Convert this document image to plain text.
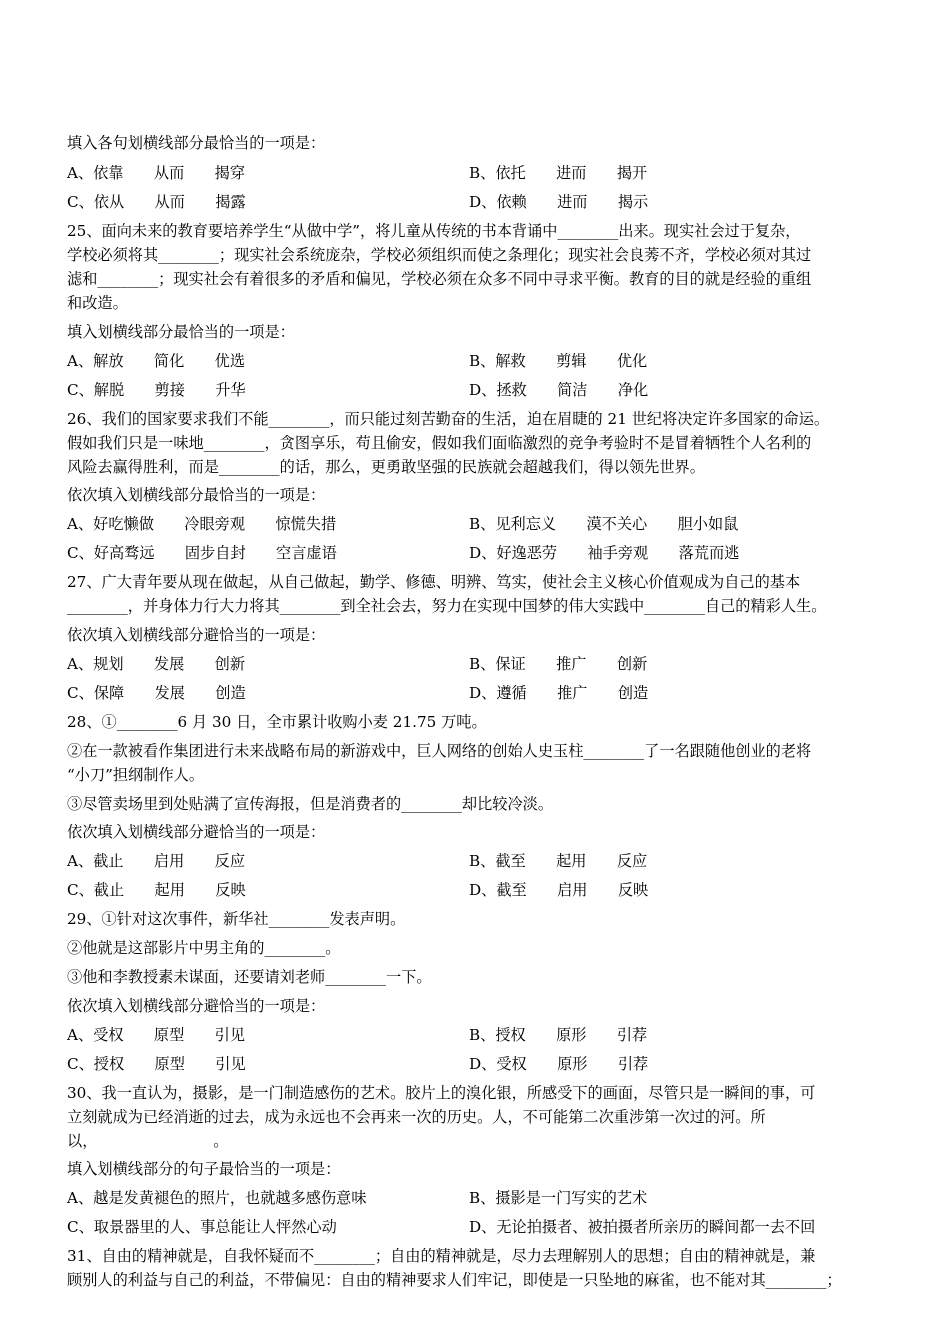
填入各句划横线部分最恰当的一项是：
A、依靠　　从而　　揭穿	B、依托　　进而　　揭开
C、依从　　从而　　揭露	D、依赖　　进而　　揭示
25、面向未来的教育要培养学生“从做中学”，将儿童从传统的书本背诵中________出来。现实社会过于复杂，
学校必须将其________；现实社会系统庞杂，学校必须组织而使之条理化；现实社会良莠不齐，学校必须对其过
滤和________；现实社会有着很多的矛盾和偏见，学校必须在众多不同中寻求平衡。教育的目的就是经验的重组
和改造。
填入划横线部分最恰当的一项是：
A、解放　　简化　　优选	B、解救　　剪辑　　优化
C、解脱　　剪接　　升华	D、拯救　　简洁　　净化
26、我们的国家要求我们不能________，而只能过刻苦勤奋的生活，迫在眉睫的 21 世纪将决定许多国家的命运。
假如我们只是一味地________，贪图享乐，苟且偷安，假如我们面临激烈的竞争考验时不是冒着牺牲个人名利的
风险去赢得胜利，而是________的话，那么，更勇敢坚强的民族就会超越我们，得以领先世界。
依次填入划横线部分最恰当的一项是：
A、好吃懒做　　冷眼旁观　　惊慌失措	B、见利忘义　　漠不关心　　胆小如鼠
C、好高骛远　　固步自封　　空言虚语	D、好逸恶劳　　袖手旁观　　落荒而逃
27、广大青年要从现在做起，从自己做起，勤学、修德、明辨、笃实，使社会主义核心价值观成为自己的基本
________，并身体力行大力将其________到全社会去，努力在实现中国梦的伟大实践中________自己的精彩人生。
依次填入划横线部分避恰当的一项是：
A、规划　　发展　　创新	B、保证　　推广　　创新
C、保障　　发展　　创造	D、遵循　　推广　　创造
28、①________6 月 30 日，全市累计收购小麦 21.75 万吨。
②在一款被看作集团进行未来战略布局的新游戏中，巨人网络的创始人史玉柱________了一名跟随他创业的老将
“小刀”担纲制作人。
③尽管卖场里到处贴满了宣传海报，但是消费者的________却比较冷淡。
依次填入划横线部分避恰当的一项是：
A、截止　　启用　　反应	B、截至　　起用　　反应
C、截止　　起用　　反映	D、截至　　启用　　反映
29、①针对这次事件，新华社________发表声明。
②他就是这部影片中男主角的________。
③他和李教授素未谋面，还要请刘老师________一下。
依次填入划横线部分避恰当的一项是：
A、受权　　原型　　引见	B、授权　　原形　　引荐
C、授权　　原型　　引见	D、受权　　原形　　引荐
30、我一直认为，摄影，是一门制造感伤的艺术。胶片上的溴化银，所感受下的画面，尽管只是一瞬间的事，可
立刻就成为已经消逝的过去，成为永远也不会再来一次的历史。人，不可能第二次重涉第一次过的河。所
以，                        。
填入划横线部分的句子最恰当的一项是：
A、越是发黄褪色的照片，也就越多感伤意味	B、摄影是一门写实的艺术
C、取景器里的人、事总能让人怦然心动	D、无论拍摄者、被拍摄者所亲历的瞬间都一去不回
31、自由的精神就是，自我怀疑而不________；自由的精神就是，尽力去理解别人的思想；自由的精神就是，兼
顾别人的利益与自己的利益，不带偏见：自由的精神要求人们牢记，即使是一只坠地的麻雀，也不能对其________；
